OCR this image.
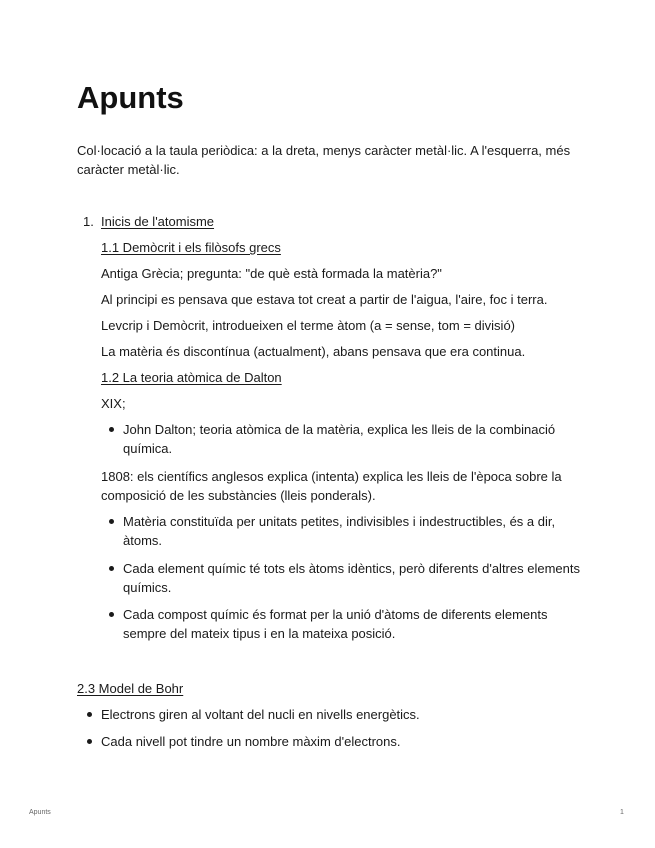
Apunts

Col·locació a la taula periòdica: a la dreta, menys caràcter metàl·lic. A l'esquerra, més caràcter metàl·lic.

1. Inicis de l'atomisme
1.1 Demòcrit i els filòsofs grecs
Antiga Grècia; pregunta: "de què està formada la matèria?"
Al principi es pensava que estava tot creat a partir de l'aigua, l'aire, foc i terra.
Levcrip i Demòcrit, introdueixen el terme àtom (a = sense, tom = divisió)
La matèria és discontínua (actualment), abans pensava que era continua.
1.2 La teoria atòmica de Dalton
XIX;

John Dalton; teoria atòmica de la matèria, explica les lleis de la combinació química.

1808: els científics anglesos explica (intenta) explica les lleis de l'època sobre la composició de les substàncies (lleis ponderals).

Matèria constituïda per unitats petites, indivisibles i indestructibles, és a dir, àtoms.

Cada element químic té tots els àtoms idèntics, però diferents d'altres elements químics.

Cada compost químic és format per la unió d'àtoms de diferents elements sempre del mateix tipus i en la mateixa posició.

2.3 Model de Bohr
Electrons giren al voltant del nucli en nivells energètics.
Cada nivell pot tindre un nombre màxim d'electrons.
Apunts	1
